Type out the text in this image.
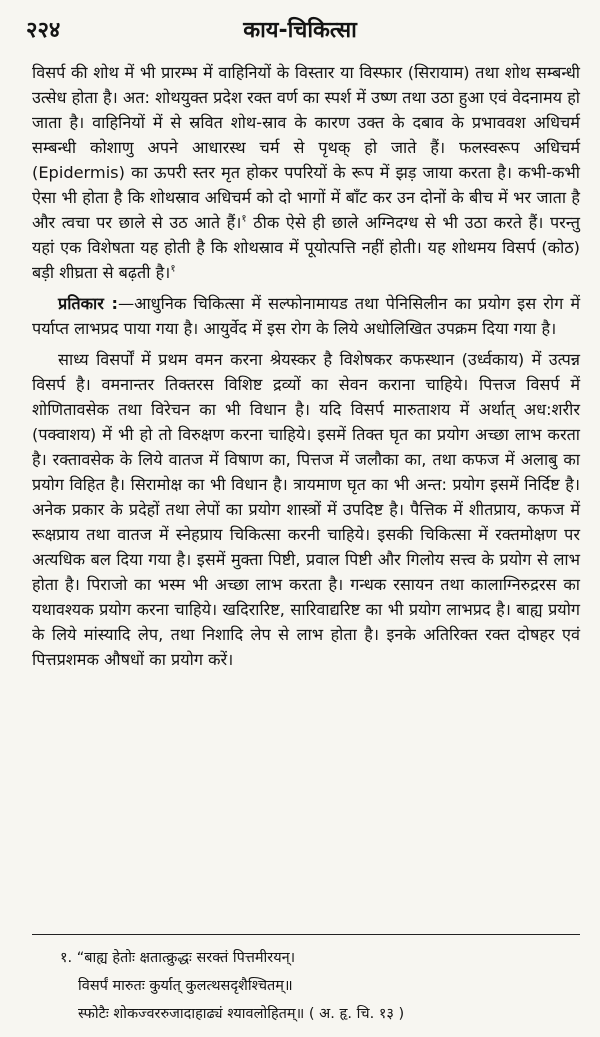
२२४	काय-चिकित्सा

विसर्प की शोथ में भी प्रारम्भ में वाहिनियों के विस्तार या विस्फार (सिरायाम) तथा शोथ सम्बन्धी उत्सेध होता है। अत: शोथयुक्त प्रदेश रक्त वर्ण का स्पर्श में उष्ण तथा उठा हुआ एवं वेदनामय हो जाता है। वाहिनियों में से स्रवित शोथ-स्राव के कारण उक्त के दबाव के प्रभाववश अधिचर्म सम्बन्धी कोशाणु अपने आधारस्थ चर्म से पृथक् हो जाते हैं। फलस्वरूप अधिचर्म (Epidermis) का ऊपरी स्तर मृत होकर पपरियों के रूप में झड़ जाया करता है। कभी-कभी ऐसा भी होता है कि शोथस्राव अधिचर्म को दो भागों में बाँट कर उन दोनों के बीच में भर जाता है और त्वचा पर छाले से उठ आते हैं।$^१$ ठीक ऐसे ही छाले अग्निदग्ध से भी उठा करते हैं। परन्तु यहां एक विशेषता यह होती है कि शोथस्राव में पूयोत्पत्ति नहीं होती। यह शोथमय विसर्प (कोठ) बड़ी शीघ्रता से बढ़ती है।$^१$

प्रतिकार :—आधुनिक चिकित्सा में सल्फोनामायड तथा पेनिसिलीन का प्रयोग इस रोग में पर्याप्त लाभप्रद पाया गया है। आयुर्वेद में इस रोग के लिये अधोलिखित उपक्रम दिया गया है।

साध्य विसर्पों में प्रथम वमन करना श्रेयस्कर है विशेषकर कफस्थान (उर्ध्वकाय) में उत्पन्न विसर्प है। वमनान्तर तिक्तरस विशिष्ट द्रव्यों का सेवन कराना चाहिये। पित्तज विसर्प में शोणितावसेक तथा विरेचन का भी विधान है। यदि विसर्प मारुताशय में अर्थात् अध:शरीर (पक्वाशय) में भी हो तो विरुक्षण करना चाहिये। इसमें तिक्त घृत का प्रयोग अच्छा लाभ करता है। रक्तावसेक के लिये वातज में विषाण का, पित्तज में जलौका का, तथा कफज में अलाबु का प्रयोग विहित है। सिरामोक्ष का भी विधान है। त्रायमाण घृत का भी अन्त: प्रयोग इसमें निर्दिष्ट है। अनेक प्रकार के प्रदेहों तथा लेपों का प्रयोग शास्त्रों में उपदिष्ट है। पैत्तिक में शीतप्राय, कफज में रूक्षप्राय तथा वातज में स्नेहप्राय चिकित्सा करनी चाहिये। इसकी चिकित्सा में रक्तमोक्षण पर अत्यधिक बल दिया गया है। इसमें मुक्ता पिष्टी, प्रवाल पिष्टी और गिलोय सत्त्व के प्रयोग से लाभ होता है। पिराजो का भस्म भी अच्छा लाभ करता है। गन्धक रसायन तथा कालाग्निरुद्ररस का यथावश्यक प्रयोग करना चाहिये। खदिरारिष्ट, सारिवाद्यरिष्ट का भी प्रयोग लाभप्रद है। बाह्य प्रयोग के लिये मांस्यादि लेप, तथा निशादि लेप से लाभ होता है। इनके अतिरिक्त रक्त दोषहर एवं पित्तप्रशमक औषधों का प्रयोग करें।

१. “बाह्य हेतोः क्षतात्क्रुद्धः सरक्तं पित्तमीरयन्।
विसर्पं मारुतः कुर्यात् कुलत्थसदृशैश्चितम्॥
स्फोटैः शोकज्वररुजादाहाढ्यं श्यावलोहितम्॥ ( अ. हृ. चि. १३ )
